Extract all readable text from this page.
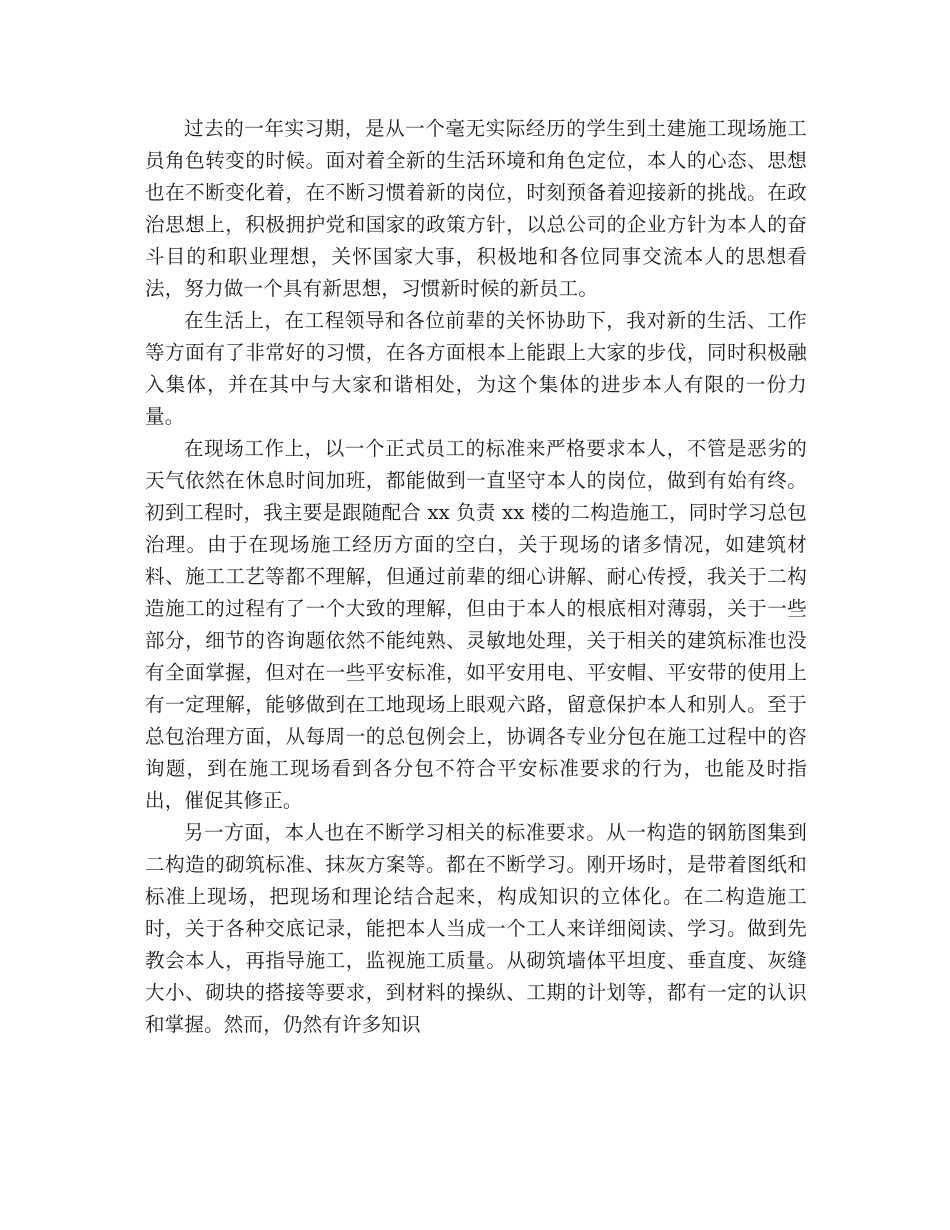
过去的一年实习期，是从一个毫无实际经历的学生到土建施工现场施工员角色转变的时候。面对着全新的生活环境和角色定位，本人的心态、思想也在不断变化着，在不断习惯着新的岗位，时刻预备着迎接新的挑战。在政治思想上，积极拥护党和国家的政策方针，以总公司的企业方针为本人的奋斗目的和职业理想，关怀国家大事，积极地和各位同事交流本人的思想看法，努力做一个具有新思想，习惯新时候的新员工。

在生活上，在工程领导和各位前辈的关怀协助下，我对新的生活、工作等方面有了非常好的习惯，在各方面根本上能跟上大家的步伐，同时积极融入集体，并在其中与大家和谐相处，为这个集体的进步本人有限的一份力量。

在现场工作上，以一个正式员工的标准来严格要求本人，不管是恶劣的天气依然在休息时间加班，都能做到一直坚守本人的岗位，做到有始有终。初到工程时，我主要是跟随配合 xx 负责 xx 楼的二构造施工，同时学习总包治理。由于在现场施工经历方面的空白，关于现场的诸多情况，如建筑材料、施工工艺等都不理解，但通过前辈的细心讲解、耐心传授，我关于二构造施工的过程有了一个大致的理解，但由于本人的根底相对薄弱，关于一些部分，细节的咨询题依然不能纯熟、灵敏地处理，关于相关的建筑标准也没有全面掌握，但对在一些平安标准，如平安用电、平安帽、平安带的使用上有一定理解，能够做到在工地现场上眼观六路，留意保护本人和别人。至于总包治理方面，从每周一的总包例会上，协调各专业分包在施工过程中的咨询题，到在施工现场看到各分包不符合平安标准要求的行为，也能及时指出，催促其修正。

另一方面，本人也在不断学习相关的标准要求。从一构造的钢筋图集到二构造的砌筑标准、抹灰方案等。都在不断学习。刚开场时，是带着图纸和标准上现场，把现场和理论结合起来，构成知识的立体化。在二构造施工时，关于各种交底记录，能把本人当成一个工人来详细阅读、学习。做到先教会本人，再指导施工，监视施工质量。从砌筑墙体平坦度、垂直度、灰缝大小、砌块的搭接等要求，到材料的操纵、工期的计划等，都有一定的认识和掌握。然而，仍然有许多知识
